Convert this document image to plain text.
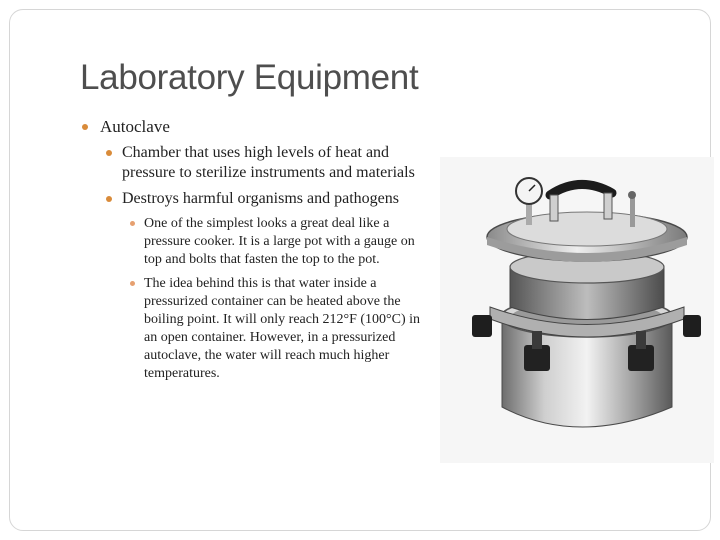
Laboratory Equipment
Autoclave
Chamber that uses high levels of heat and pressure to sterilize instruments and materials
Destroys harmful organisms and pathogens
One of the simplest looks a great deal like a pressure cooker. It is a large pot with a gauge on top and bolts that fasten the top to the pot.
The idea behind this is that water inside a pressurized container can be heated above the boiling point. It will only reach 212°F (100°C) in an open container. However, in a pressurized autoclave, the water will reach much higher temperatures.
